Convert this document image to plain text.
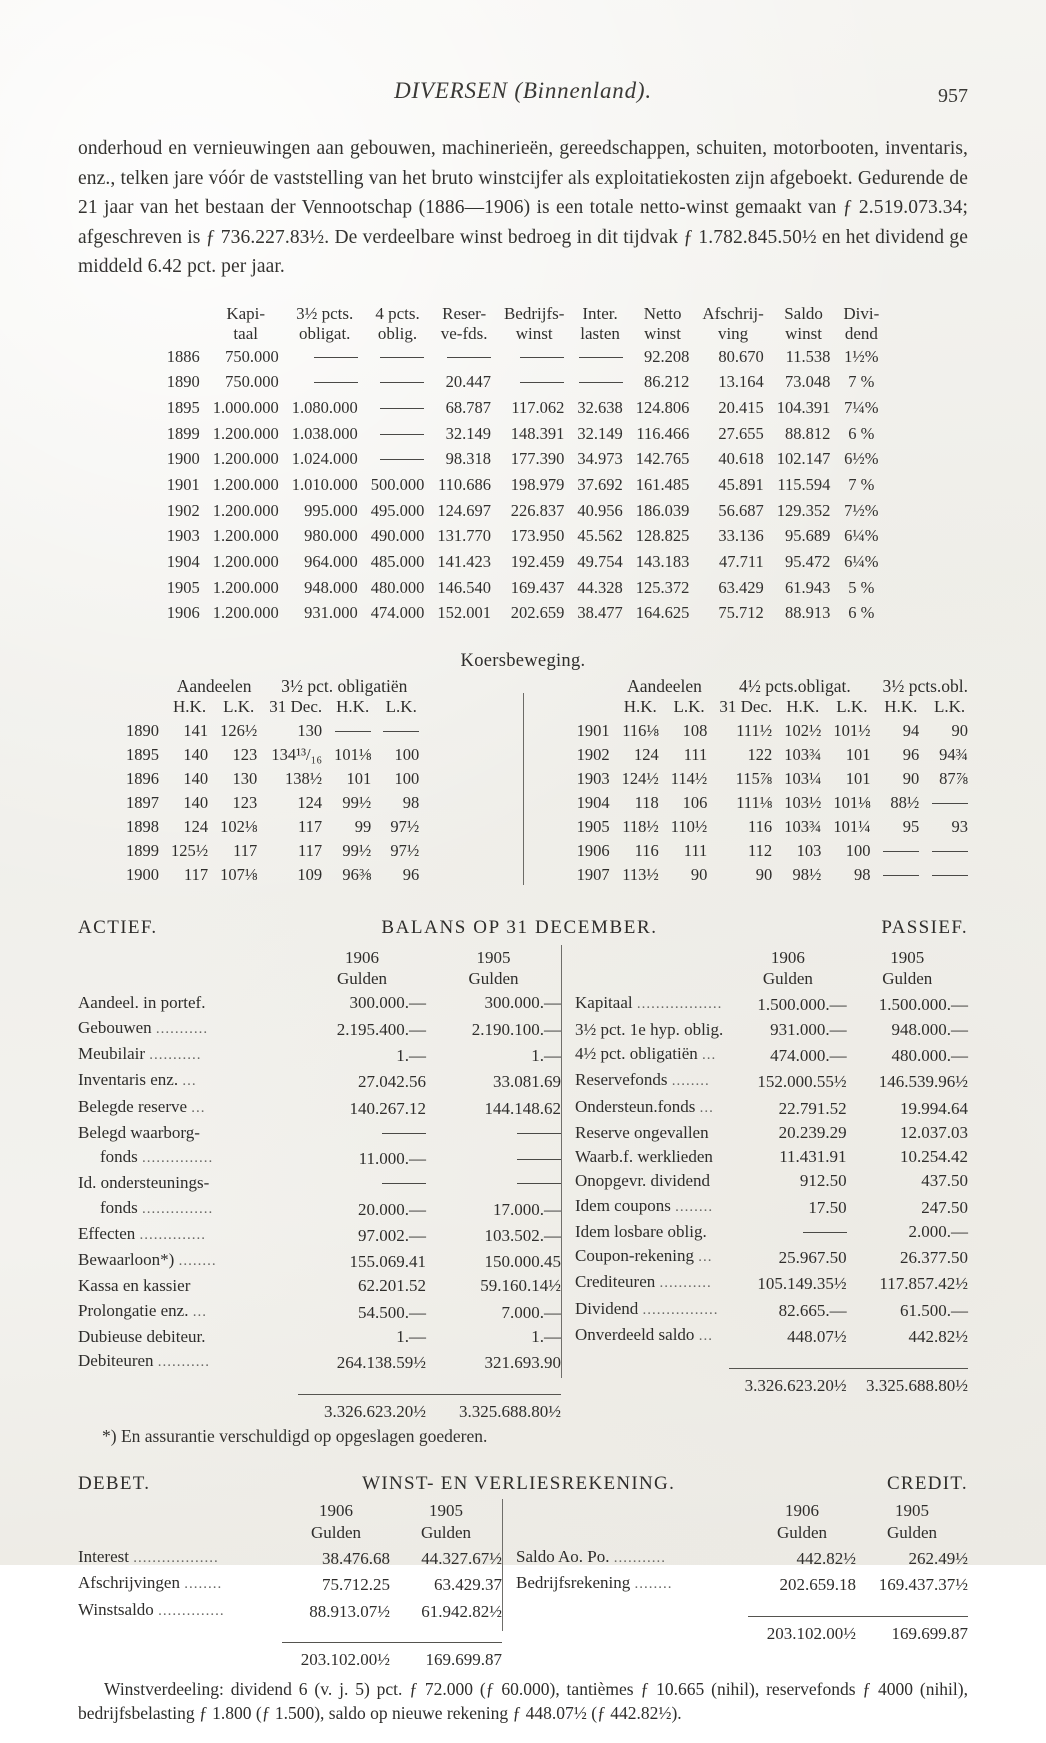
DIVERSEN (Binnenland).	957

onderhoud en vernieuwingen aan gebouwen, machinerieën, gereedschappen, schuiten, motorbooten, inventaris, enz., telken jare vóór de vaststelling van het bruto winstcijfer als exploitatiekosten zijn afgeboekt. Gedurende de 21 jaar van het bestaan der Vennootschap (1886—1906) is een totale netto-winst gemaakt van ƒ 2.519.073.34; afgeschreven is ƒ 736.227.83½. De verdeelbare winst bedroeg in dit tijdvak ƒ 1.782.845.50½ en het dividend ge middeld 6.42 pct. per jaar.

	Kapi-	3½ pcts.	4 pcts.	Reser-	Bedrijfs-	Inter.	Netto	Afschrij-	Saldo	Divi-
	taal	obligat.	oblig.	ve-fds.	winst	lasten	winst	ving	winst	dend
1886	750.000						92.208	80.670	11.538	1½%
1890	750.000			20.447			86.212	13.164	73.048	7 %
1895	1.000.000	1.080.000		68.787	117.062	32.638	124.806	20.415	104.391	7¼%
1899	1.200.000	1.038.000		32.149	148.391	32.149	116.466	27.655	88.812	6 %
1900	1.200.000	1.024.000		98.318	177.390	34.973	142.765	40.618	102.147	6½%
1901	1.200.000	1.010.000	500.000	110.686	198.979	37.692	161.485	45.891	115.594	7 %
1902	1.200.000	995.000	495.000	124.697	226.837	40.956	186.039	56.687	129.352	7½%
1903	1.200.000	980.000	490.000	131.770	173.950	45.562	128.825	33.136	95.689	6¼%
1904	1.200.000	964.000	485.000	141.423	192.459	49.754	143.183	47.711	95.472	6¼%
1905	1.200.000	948.000	480.000	146.540	169.437	44.328	125.372	63.429	61.943	5 %
1906	1.200.000	931.000	474.000	152.001	202.659	38.477	164.625	75.712	88.913	6 %
Koersbeweging.
	Aandeelen		3½ pct. obligatiën		
	H.K.	L.K.	31 Dec.	H.K.	L.K.
1890	141	126½	130		
1895	140	123	134¹³/₁₆	101⅛	100
1896	140	130	138½	101	100
1897	140	123	124	99½	98
1898	124	102⅛	117	99	97½
1899	125½	117	117	99½	97½
1900	117	107⅛	109	96⅜	96
	Aandeelen		4½ pcts.obligat.			3½ pcts.obl.	
	H.K.	L.K.	31 Dec.	H.K.	L.K.	H.K.	L.K.
1901	116⅛	108	111½	102½	101½	94	90
1902	124	111	122	103¾	101	96	94¾
1903	124½	114½	115⅞	103¼	101	90	87⅞
1904	118	106	111⅛	103½	101⅛	88½	
1905	118½	110½	116	103¾	101¼	95	93
1906	116	111	112	103	100		
1907	113½	90	90	98½	98		
ACTIEF.	BALANS OP 31 DECEMBER.	PASSIEF.
	1906	1905
	Gulden	Gulden
Aandeel. in portef.	300.000.—	300.000.—
Gebouwen ...........	2.195.400.—	2.190.100.—
Meubilair ...........	1.—	1.—
Inventaris enz. ...	27.042.56	33.081.69
Belegde reserve ...	140.267.12	144.148.62
Belegd waarborg-		
fonds ...............	11.000.—	
Id. ondersteunings-		
fonds ...............	20.000.—	17.000.—
Effecten ..............	97.002.—	103.502.—
Bewaarloon*) ........	155.069.41	150.000.45
Kassa en kassier	62.201.52	59.160.14½
Prolongatie enz. ...	54.500.—	7.000.—
Dubieuse debiteur.	1.—	1.—
Debiteuren ...........	264.138.59½	321.693.90

	3.326.623.20½	3.325.688.80½
	1906	1905
	Gulden	Gulden
Kapitaal ..................	1.500.000.—	1.500.000.—
3½ pct. 1e hyp. oblig.	931.000.—	948.000.—
4½ pct. obligatiën ...	474.000.—	480.000.—
Reservefonds ........	152.000.55½	146.539.96½
Ondersteun.fonds ...	22.791.52	19.994.64
Reserve ongevallen	20.239.29	12.037.03
Waarb.f. werklieden	11.431.91	10.254.42
Onopgevr. dividend	912.50	437.50
Idem coupons ........	17.50	247.50
Idem losbare oblig.		2.000.—
Coupon-rekening ...	25.967.50	26.377.50
Crediteuren ...........	105.149.35½	117.857.42½
Dividend ................	82.665.—	61.500.—
Onverdeeld saldo ...	448.07½	442.82½

	3.326.623.20½	3.325.688.80½
*) En assurantie verschuldigd op opgeslagen goederen.
DEBET.	WINST- EN VERLIESREKENING.	CREDIT.
	1906	1905
	Gulden	Gulden
Interest ..................	38.476.68	44.327.67½
Afschrijvingen ........	75.712.25	63.429.37
Winstsaldo ..............	88.913.07½	61.942.82½

	203.102.00½	169.699.87
	1906	1905
	Gulden	Gulden
Saldo Ao. Po. ...........	442.82½	262.49½
Bedrijfsrekening ........	202.659.18	169.437.37½

	203.102.00½	169.699.87

Winstverdeeling: dividend 6 (v. j. 5) pct. ƒ 72.000 (ƒ 60.000), tantièmes ƒ 10.665 (nihil), reservefonds ƒ 4000 (nihil), bedrijfsbelasting ƒ 1.800 (ƒ 1.500), saldo op nieuwe rekening ƒ 448.07½ (ƒ 442.82½).
